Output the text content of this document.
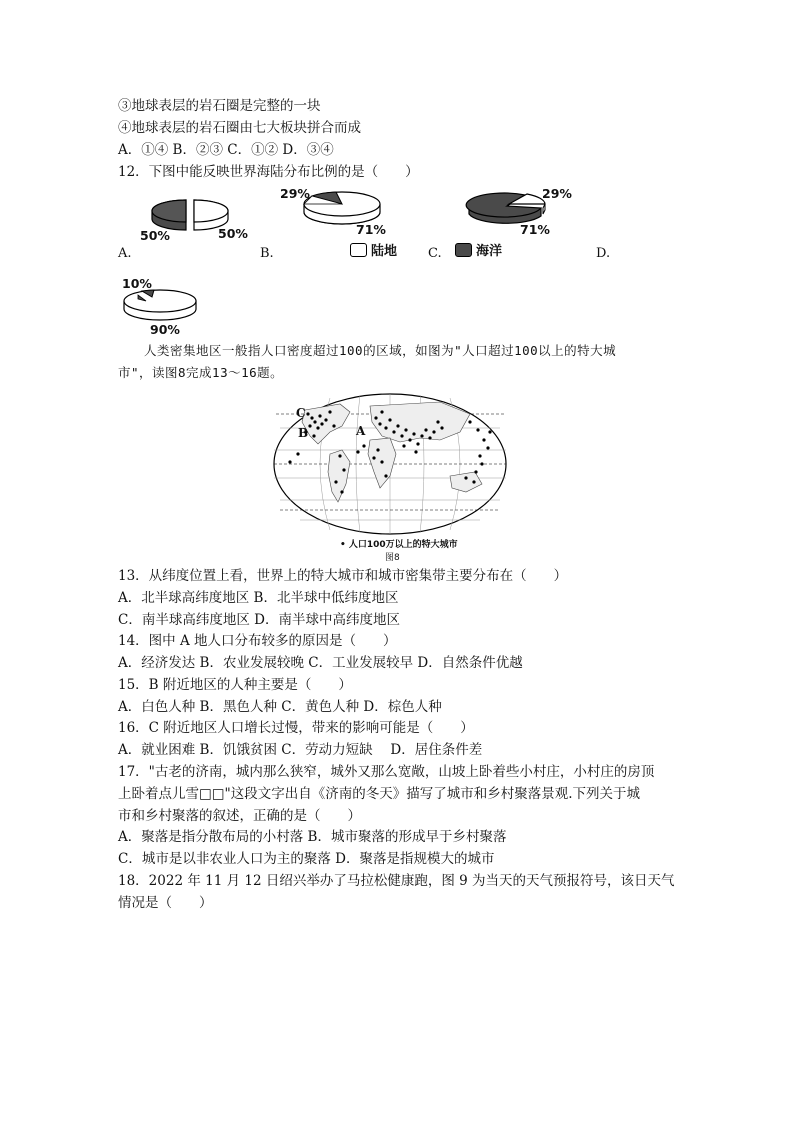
③地球表层的岩石圈是完整的一块
④地球表层的岩石圈由七大板块拼合而成
A．①④ B．②③ C．①② D．③④
12．下图中能反映世界海陆分布比例的是（　　）
50%	50%
29%
71%
29%
71%
陆地	海洋
A.	B.	C.	D.
10%
90%
人类密集地区一般指人口密度超过100的区域，如图为"人口超过100以上的特大城
市"，读图8完成13～16题。
C
B	A
• 人口100万以上的特大城市
图8
13．从纬度位置上看，世界上的特大城市和城市密集带主要分布在（　　）
A．北半球高纬度地区 B．北半球中低纬度地区
C．南半球高纬度地区 D．南半球中高纬度地区
14．图中 A 地人口分布较多的原因是（　　）
A．经济发达 B．农业发展较晚 C．工业发展较早 D．自然条件优越
15．B 附近地区的人种主要是（　　）
A．白色人种 B．黑色人种 C．黄色人种 D．棕色人种
16．C 附近地区人口增长过慢，带来的影响可能是（　　）
A．就业困难 B．饥饿贫困 C．劳动力短缺　 D．居住条件差
17．"古老的济南，城内那么狭窄，城外又那么宽敞，山坡上卧着些小村庄，小村庄的房顶
上卧着点儿雪□□"这段文字出自《济南的冬天》描写了城市和乡村聚落景观.下列关于城
市和乡村聚落的叙述，正确的是（　　）
A．聚落是指分散布局的小村落 B．城市聚落的形成早于乡村聚落
C．城市是以非农业人口为主的聚落 D．聚落是指规模大的城市
18．2022 年 11 月 12 日绍兴举办了马拉松健康跑，图 9 为当天的天气预报符号，该日天气
情况是（　　）
